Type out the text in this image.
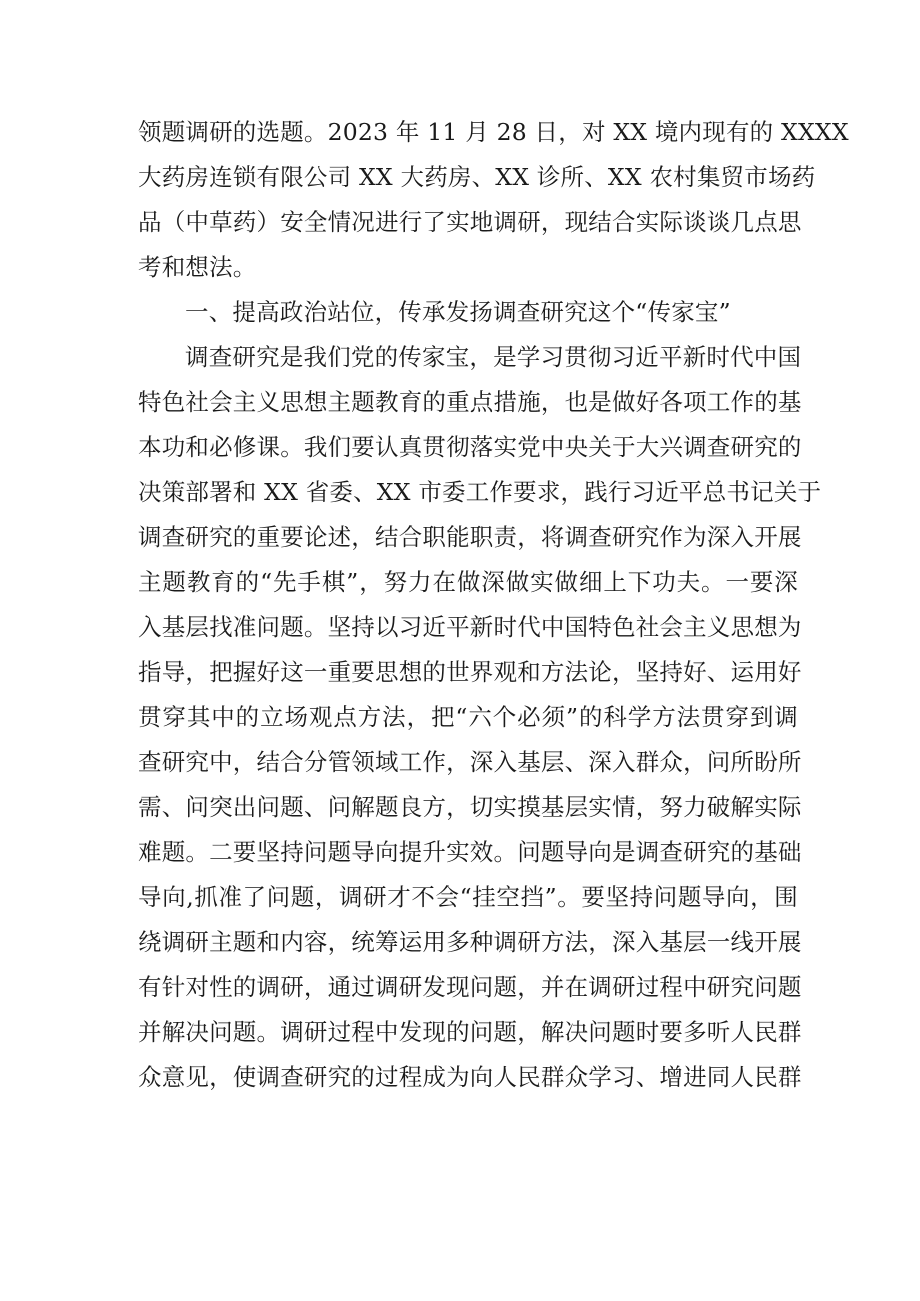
领题调研的选题。2023 年 11 月 28 日，对 XX 境内现有的 XXXX
大药房连锁有限公司 XX 大药房、XX 诊所、XX 农村集贸市场药
品（中草药）安全情况进行了实地调研，现结合实际谈谈几点思
考和想法。
一、提高政治站位，传承发扬调查研究这个“传家宝”
调查研究是我们党的传家宝，是学习贯彻习近平新时代中国
特色社会主义思想主题教育的重点措施，也是做好各项工作的基
本功和必修课。我们要认真贯彻落实党中央关于大兴调查研究的
决策部署和 XX 省委、XX 市委工作要求，践行习近平总书记关于
调查研究的重要论述，结合职能职责，将调查研究作为深入开展
主题教育的“先手棋”，努力在做深做实做细上下功夫。一要深
入基层找准问题。坚持以习近平新时代中国特色社会主义思想为
指导，把握好这一重要思想的世界观和方法论，坚持好、运用好
贯穿其中的立场观点方法，把“六个必须”的科学方法贯穿到调
查研究中，结合分管领域工作，深入基层、深入群众，问所盼所
需、问突出问题、问解题良方，切实摸基层实情，努力破解实际
难题。二要坚持问题导向提升实效。问题导向是调查研究的基础
导向,抓准了问题，调研才不会“挂空挡”。要坚持问题导向，围
绕调研主题和内容，统筹运用多种调研方法，深入基层一线开展
有针对性的调研，通过调研发现问题，并在调研过程中研究问题
并解决问题。调研过程中发现的问题，解决问题时要多听人民群
众意见，使调查研究的过程成为向人民群众学习、增进同人民群
